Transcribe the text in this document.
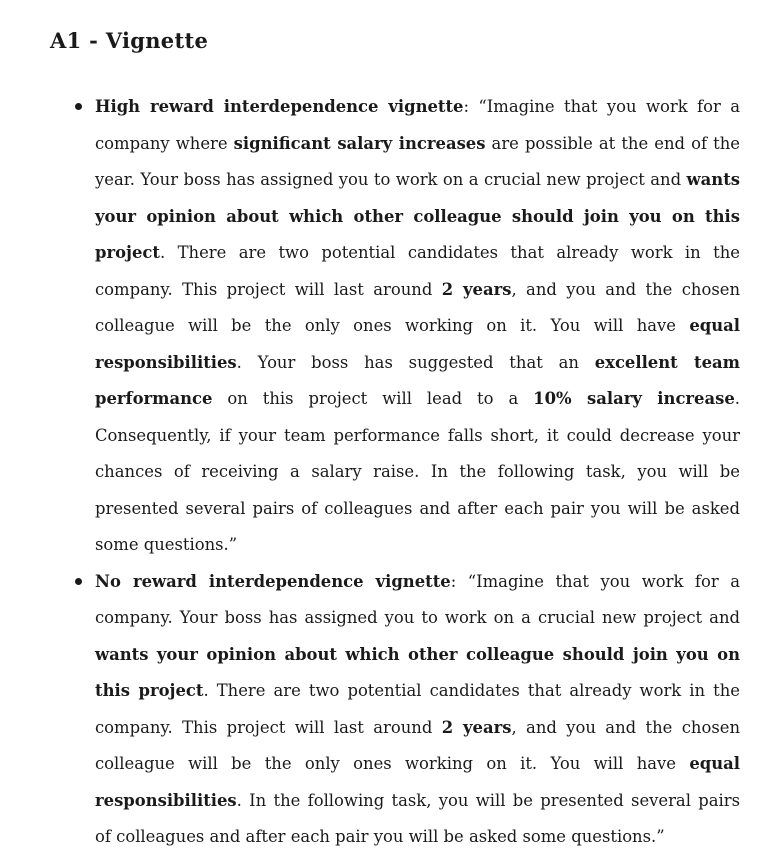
A1 - Vignette

High reward interdependence vignette: “Imagine that you work for a company where significant salary increases are possible at the end of the year. Your boss has assigned you to work on a crucial new project and wants your opinion about which other colleague should join you on this project. There are two potential candidates that already work in the company. This project will last around 2 years, and you and the chosen colleague will be the only ones working on it. You will have equal responsibilities. Your boss has suggested that an excellent team performance on this project will lead to a 10% salary increase. Consequently, if your team performance falls short, it could decrease your chances of receiving a salary raise. In the following task, you will be presented several pairs of colleagues and after each pair you will be asked some questions.”

No reward interdependence vignette: “Imagine that you work for a company. Your boss has assigned you to work on a crucial new project and wants your opinion about which other colleague should join you on this project. There are two potential candidates that already work in the company. This project will last around 2 years, and you and the chosen colleague will be the only ones working on it. You will have equal responsibilities. In the following task, you will be presented several pairs of colleagues and after each pair you will be asked some questions.”
